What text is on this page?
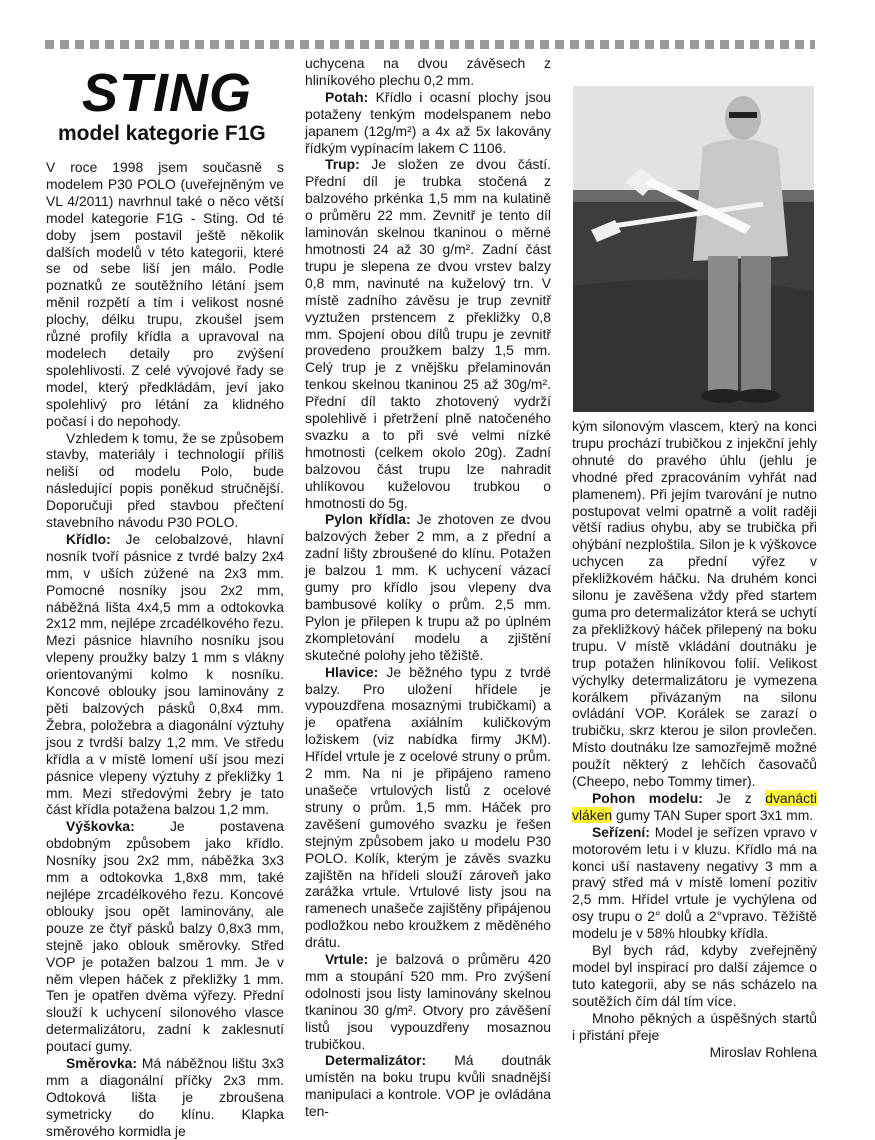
STING
model kategorie F1G

V roce 1998 jsem současně s modelem P30 POLO (uveřejněným ve VL 4/2011) navrhnul také o něco větší model kategorie F1G - Sting. Od té doby jsem postavil ještě několik dalších modelů v této kategorii, které se od sebe liší jen málo. Podle poznatků ze soutěžního létání jsem měnil rozpětí a tím i velikost nosné plochy, délku trupu, zkoušel jsem různé profily křídla a upravoval na modelech detaily pro zvýšení spolehlivosti. Z celé vývojové řady se model, který předkládám, jeví jako spolehlivý pro létání za klidného počasí i do nepohody.

Vzhledem k tomu, že se způsobem stavby, materiály i technologií příliš neliší od modelu Polo, bude následující popis poněkud stručnější. Doporučuji před stavbou přečtení stavebního návodu P30 POLO.

Křídlo: Je celobalzové, hlavní nosník tvoří pásnice z tvrdé balzy 2x4 mm, v uších zúžené na 2x3 mm. Pomocné nosníky jsou 2x2 mm, náběžná lišta 4x4,5 mm a odtokovka 2x12 mm, nejlépe zrcadélkového řezu. Mezi pásnice hlavního nosníku jsou vlepeny proužky balzy 1 mm s vlákny orientovanými kolmo k nosníku. Koncové oblouky jsou laminovány z pěti balzových pásků 0,8x4 mm. Žebra, položebra a diagonální výztuhy jsou z tvrdší balzy 1,2 mm. Ve středu křídla a v místě lomení uší jsou mezi pásnice vlepeny výztuhy z překližky 1 mm. Mezi středovými žebry je tato část křídla potažena balzou 1,2 mm.

Výškovka: Je postavena obdobným způsobem jako křídlo. Nosníky jsou 2x2 mm, náběžka 3x3 mm a odtokovka 1,8x8 mm, také nejlépe zrcadélkového řezu. Koncové oblouky jsou opět laminovány, ale pouze ze čtyř pásků balzy 0,8x3 mm, stejně jako oblouk směrovky. Střed VOP je potažen balzou 1 mm. Je v něm vlepen háček z překližky 1 mm. Ten je opatřen dvěma výřezy. Přední slouží k uchycení silonového vlasce determalizátoru, zadní k zaklesnutí poutací gumy.

Směrovka: Má náběžnou lištu 3x3 mm a diagonální příčky 2x3 mm. Odtoková lišta je zbroušena symetricky do klínu. Klapka směrového kormidla je

uchycena na dvou závěsech z hliníkového plechu 0,2 mm.

Potah: Křídlo i ocasní plochy jsou potaženy tenkým modelspanem nebo japanem (12g/m²) a 4x až 5x lakovány řídkým vypínacím lakem C 1106.

Trup: Je složen ze dvou částí. Přední díl je trubka stočená z balzového prkénka 1,5 mm na kulatině o průměru 22 mm. Zevnitř je tento díl laminován skelnou tkaninou o měrné hmotnosti 24 až 30 g/m². Zadní část trupu je slepena ze dvou vrstev balzy 0,8 mm, navinuté na kuželový trn. V místě zadního závěsu je trup zevnitř vyztužen prstencem z překližky 0,8 mm. Spojení obou dílů trupu je zevnitř provedeno proužkem balzy 1,5 mm. Celý trup je z vnějšku přelaminován tenkou skelnou tkaninou 25 až 30g/m². Přední díl takto zhotovený vydrží spolehlivě i přetržení plně natočeného svazku a to při své velmi nízké hmotnosti (celkem okolo 20g). Zadní balzovou část trupu lze nahradit uhlíkovou kuželovou trubkou o hmotnosti do 5g.

Pylon křídla: Je zhotoven ze dvou balzových žeber 2 mm, a z přední a zadní lišty zbroušené do klínu. Potažen je balzou 1 mm. K uchycení vázací gumy pro křídlo jsou vlepeny dva bambusové kolíky o prům. 2,5 mm. Pylon je přilepen k trupu až po úplném zkompletování modelu a zjištění skutečné polohy jeho těžiště.

Hlavice: Je běžného typu z tvrdé balzy. Pro uložení hřídele je vypouzdřena mosaznými trubičkami) a je opatřena axiálním kuličkovým ložiskem (viz nabídka firmy JKM). Hřídel vrtule je z ocelové struny o prům. 2 mm. Na ni je připájeno rameno unašeče vrtulových listů z ocelové struny o prům. 1,5 mm. Háček pro zavěšení gumového svazku je řešen stejným způsobem jako u modelu P30 POLO. Kolík, kterým je závěs svazku zajištěn na hřídeli slouží zároveň jako zarážka vrtule. Vrtulové listy jsou na ramenech unašeče zajištěny připájenou podložkou nebo kroužkem z měděného drátu.

Vrtule: je balzová o průměru 420 mm a stoupání 520 mm. Pro zvýšení odolnosti jsou listy laminovány skelnou tkaninou 30 g/m². Otvory pro závěšení listů jsou vypouzdřeny mosaznou trubičkou.

Determalizátor: Má doutnák umístěn na boku trupu kvůli snadnější manipulaci a kontrole. VOP je ovládána ten-

kým silonovým vlascem, který na konci trupu prochází trubičkou z injekční jehly ohnuté do pravého úhlu (jehlu je vhodné před zpracováním vyhřát nad plamenem). Při jejím tvarování je nutno postupovat velmi opatrně a volit raději větší radius ohybu, aby se trubička při ohýbání nezploštila. Silon je k výškovce uchycen za přední výřez v překližkovém háčku. Na druhém konci silonu je zavěšena vždy před startem guma pro determalizátor která se uchytí za překližkový háček přilepený na boku trupu. V místě vkládání doutnáku je trup potažen hliníkovou folií. Velikost výchylky determalizátoru je vymezena korálkem přivázaným na silonu ovládání VOP. Korálek se zarazí o trubičku, skrz kterou je silon provlečen. Místo doutnáku lze samozřejmě možné použít některý z lehčích časovačů (Cheepo, nebo Tommy timer).

Pohon modelu: Je z dvanácti vláken gumy TAN Super sport 3x1 mm.

Seřízení: Model je seřízen vpravo v motorovém letu i v kluzu. Křídlo má na konci uší nastaveny negativy 3 mm a pravý střed má v místě lomení pozitiv 2,5 mm. Hřídel vrtule je vychýlena od osy trupu o 2° dolů a 2°vpravo. Těžiště modelu je v 58% hloubky křídla.

Byl bych rád, kdyby zveřejněný model byl inspirací pro další zájemce o tuto kategorii, aby se nás scházelo na soutěžích čím dál tím více.

Mnoho pěkných a úspěšných startů i přistání přeje

Miroslav Rohlena
